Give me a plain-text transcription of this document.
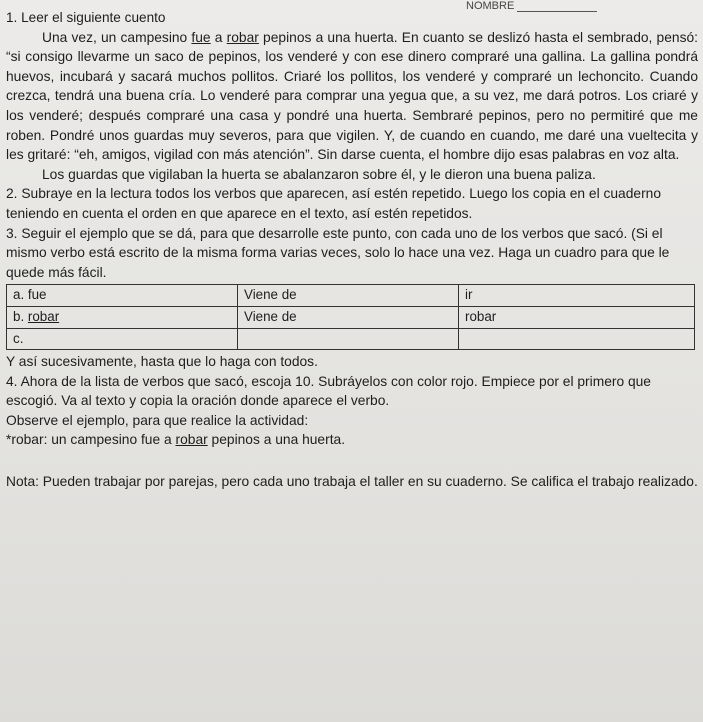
NOMBRE

1. Leer el siguiente cuento

Una vez, un campesino fue a robar pepinos a una huerta. En cuanto se deslizó hasta el sembrado, pensó: “si consigo llevarme un saco de pepinos, los venderé y con ese dinero compraré una gallina. La gallina pondrá huevos, incubará y sacará muchos pollitos. Criaré los pollitos, los venderé y compraré un lechoncito. Cuando crezca, tendrá una buena cría. Lo venderé para comprar una yegua que, a su vez, me dará potros. Los criaré y los venderé; después compraré una casa y pondré una huerta. Sembraré pepinos, pero no permitiré que me roben. Pondré unos guardas muy severos, para que vigilen. Y, de cuando en cuando, me daré una vueltecita y les gritaré: “eh, amigos, vigilad con más atención”. Sin darse cuenta, el hombre dijo esas palabras en voz alta.

Los guardas que vigilaban la huerta se abalanzaron sobre él, y le dieron una buena paliza.

2. Subraye en la lectura todos los verbos que aparecen, así estén repetido. Luego los copia en el cuaderno teniendo en cuenta el orden en que aparece en el texto, así estén repetidos.

3. Seguir el ejemplo que se dá, para que desarrolle este punto, con cada uno de los verbos que sacó. (Si el mismo verbo está escrito de la misma forma varias veces, solo lo hace una vez. Haga un cuadro para que le quede más fácil.

a. fue	Viene de	ir
b. robar	Viene de	robar
c.		

Y así sucesivamente, hasta que lo haga con todos.

4. Ahora de la lista de verbos que sacó, escoja 10. Subráyelos con color rojo. Empiece por el primero que escogió. Va al texto y copia la oración donde aparece el verbo.

Observe el ejemplo, para que realice la actividad:

*robar: un campesino fue a robar pepinos a una huerta.

Nota: Pueden trabajar por parejas, pero cada uno trabaja el taller en su cuaderno. Se califica el trabajo realizado.
